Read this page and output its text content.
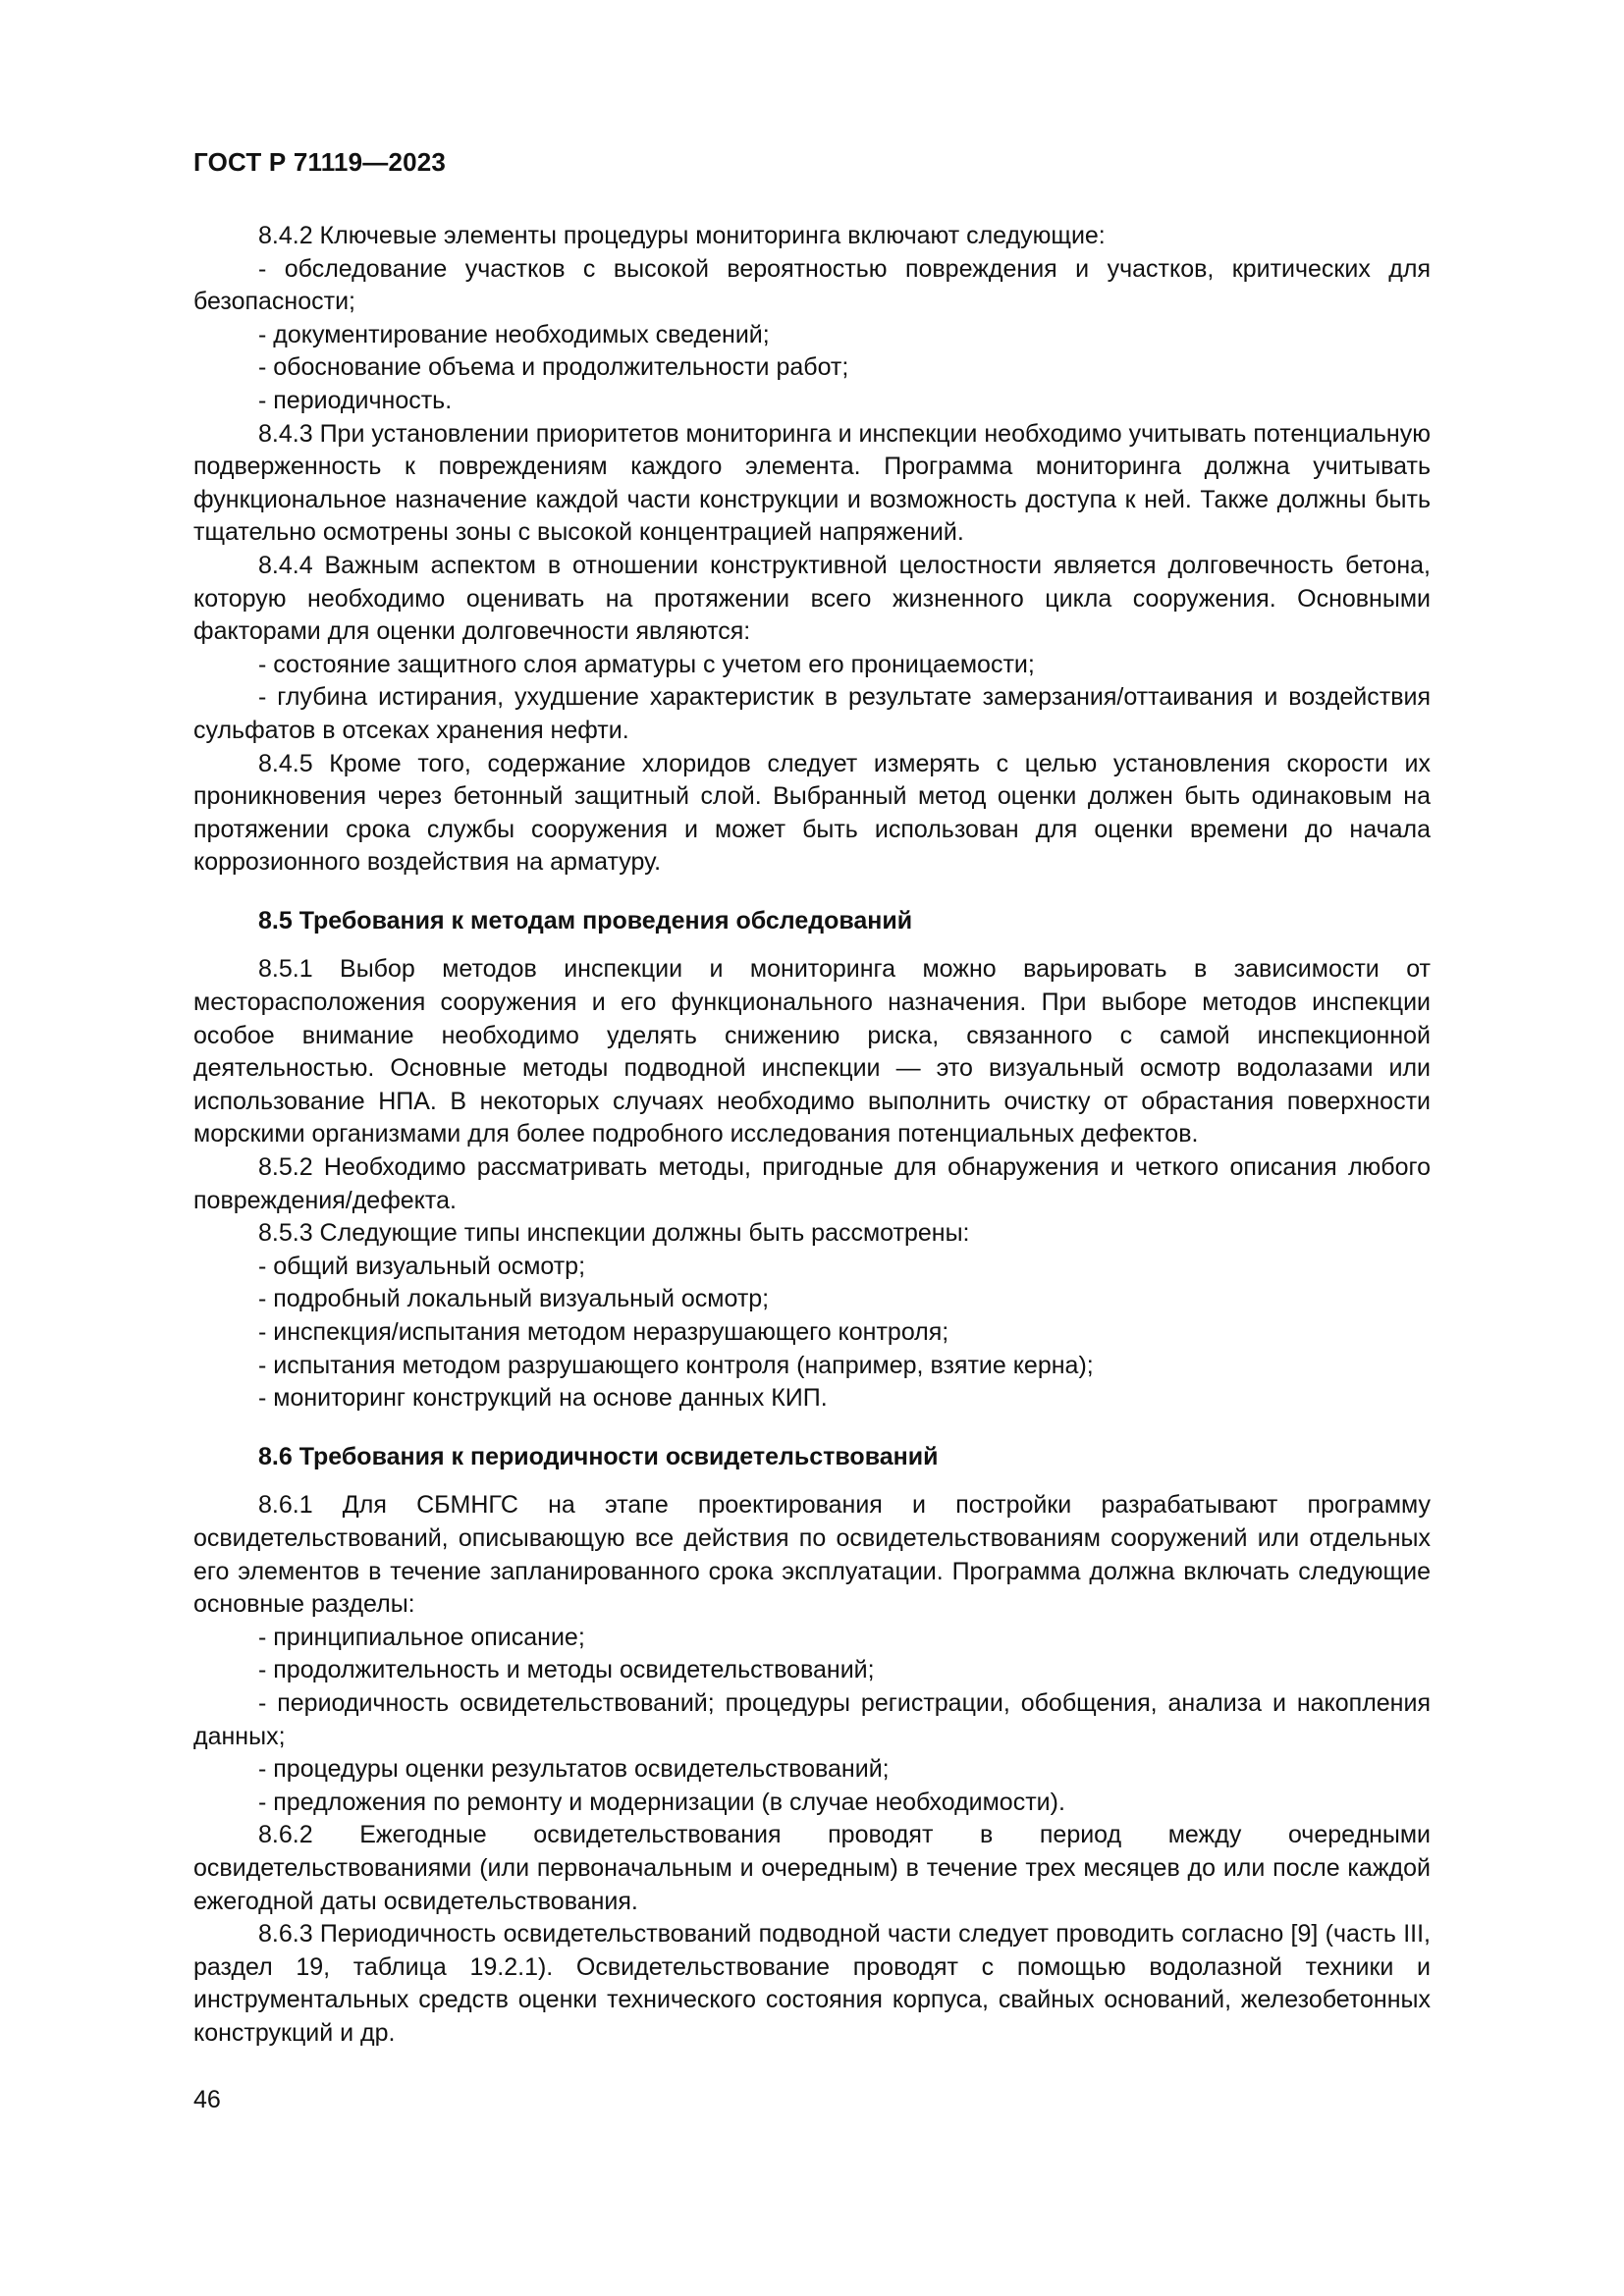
ГОСТ Р 71119—2023

8.4.2 Ключевые элементы процедуры мониторинга включают следующие:

- обследование участков с высокой вероятностью повреждения и участков, критических для безопасности;

- документирование необходимых сведений;

- обоснование объема и продолжительности работ;

- периодичность.

8.4.3 При установлении приоритетов мониторинга и инспекции необходимо учитывать потенциальную подверженность к повреждениям каждого элемента. Программа мониторинга должна учитывать функциональное назначение каждой части конструкции и возможность доступа к ней. Также должны быть тщательно осмотрены зоны с высокой концентрацией напряжений.

8.4.4 Важным аспектом в отношении конструктивной целостности является долговечность бетона, которую необходимо оценивать на протяжении всего жизненного цикла сооружения. Основными факторами для оценки долговечности являются:

- состояние защитного слоя арматуры с учетом его проницаемости;

- глубина истирания, ухудшение характеристик в результате замерзания/оттаивания и воздействия сульфатов в отсеках хранения нефти.

8.4.5 Кроме того, содержание хлоридов следует измерять с целью установления скорости их проникновения через бетонный защитный слой. Выбранный метод оценки должен быть одинаковым на протяжении срока службы сооружения и может быть использован для оценки времени до начала коррозионного воздействия на арматуру.

8.5 Требования к методам проведения обследований

8.5.1 Выбор методов инспекции и мониторинга можно варьировать в зависимости от месторасположения сооружения и его функционального назначения. При выборе методов инспекции особое внимание необходимо уделять снижению риска, связанного с самой инспекционной деятельностью. Основные методы подводной инспекции — это визуальный осмотр водолазами или использование НПА. В некоторых случаях необходимо выполнить очистку от обрастания поверхности морскими организмами для более подробного исследования потенциальных дефектов.

8.5.2 Необходимо рассматривать методы, пригодные для обнаружения и четкого описания любого повреждения/дефекта.

8.5.3 Следующие типы инспекции должны быть рассмотрены:

- общий визуальный осмотр;

- подробный локальный визуальный осмотр;

- инспекция/испытания методом неразрушающего контроля;

- испытания методом разрушающего контроля (например, взятие керна);

- мониторинг конструкций на основе данных КИП.

8.6 Требования к периодичности освидетельствований

8.6.1 Для СБМНГС на этапе проектирования и постройки разрабатывают программу освидетельствований, описывающую все действия по освидетельствованиям сооружений или отдельных его элементов в течение запланированного срока эксплуатации. Программа должна включать следующие основные разделы:

- принципиальное описание;

- продолжительность и методы освидетельствований;

- периодичность освидетельствований; процедуры регистрации, обобщения, анализа и накопления данных;

- процедуры оценки результатов освидетельствований;

- предложения по ремонту и модернизации (в случае необходимости).

8.6.2 Ежегодные освидетельствования проводят в период между очередными освидетельствованиями (или первоначальным и очередным) в течение трех месяцев до или после каждой ежегодной даты освидетельствования.

8.6.3 Периодичность освидетельствований подводной части следует проводить согласно [9] (часть III, раздел 19, таблица 19.2.1). Освидетельствование проводят с помощью водолазной техники и инструментальных средств оценки технического состояния корпуса, свайных оснований, железобетонных конструкций и др.

46
